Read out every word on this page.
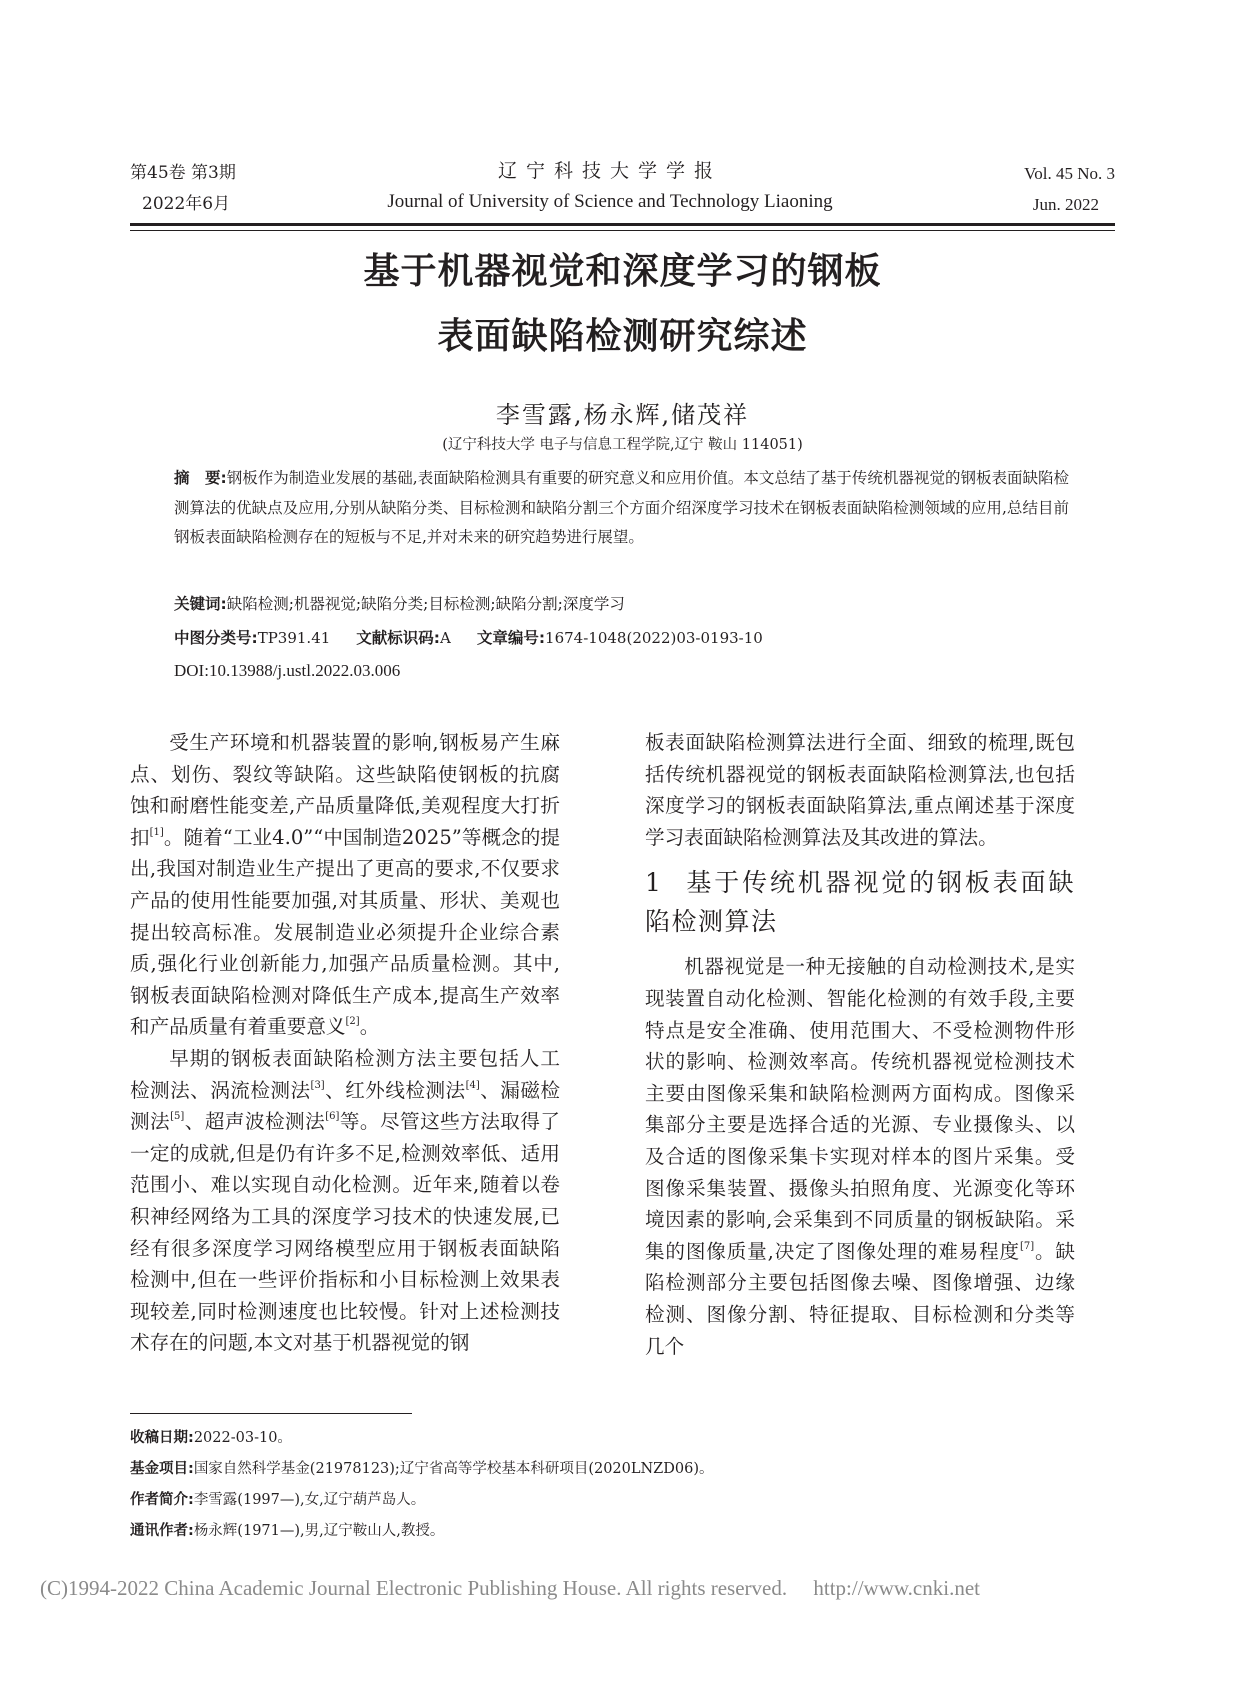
第45卷 第3期
2022年6月
辽宁科技大学学报
Journal of University of Science and Technology Liaoning
Vol. 45 No. 3
Jun. 2022
基于机器视觉和深度学习的钢板
表面缺陷检测研究综述
李雪露,杨永辉,储茂祥
(辽宁科技大学 电子与信息工程学院,辽宁 鞍山 114051)
摘　要:钢板作为制造业发展的基础,表面缺陷检测具有重要的研究意义和应用价值。本文总结了基于传统机器视觉的钢板表面缺陷检测算法的优缺点及应用,分别从缺陷分类、目标检测和缺陷分割三个方面介绍深度学习技术在钢板表面缺陷检测领域的应用,总结目前钢板表面缺陷检测存在的短板与不足,并对未来的研究趋势进行展望。
关键词:缺陷检测;机器视觉;缺陷分类;目标检测;缺陷分割;深度学习
中图分类号:TP391.41 文献标识码:A 文章编号:1674-1048(2022)03-0193-10
DOI:10.13988/j.ustl.2022.03.006

受生产环境和机器装置的影响,钢板易产生麻点、划伤、裂纹等缺陷。这些缺陷使钢板的抗腐蚀和耐磨性能变差,产品质量降低,美观程度大打折扣[1]。随着“工业4.0”“中国制造2025”等概念的提出,我国对制造业生产提出了更高的要求,不仅要求产品的使用性能要加强,对其质量、形状、美观也提出较高标准。发展制造业必须提升企业综合素质,强化行业创新能力,加强产品质量检测。其中,钢板表面缺陷检测对降低生产成本,提高生产效率和产品质量有着重要意义[2]。

早期的钢板表面缺陷检测方法主要包括人工检测法、涡流检测法[3]、红外线检测法[4]、漏磁检测法[5]、超声波检测法[6]等。尽管这些方法取得了一定的成就,但是仍有许多不足,检测效率低、适用范围小、难以实现自动化检测。近年来,随着以卷积神经网络为工具的深度学习技术的快速发展,已经有很多深度学习网络模型应用于钢板表面缺陷检测中,但在一些评价指标和小目标检测上效果表现较差,同时检测速度也比较慢。针对上述检测技术存在的问题,本文对基于机器视觉的钢

板表面缺陷检测算法进行全面、细致的梳理,既包括传统机器视觉的钢板表面缺陷检测算法,也包括深度学习的钢板表面缺陷算法,重点阐述基于深度学习表面缺陷检测算法及其改进的算法。

1 基于传统机器视觉的钢板表面缺陷检测算法

机器视觉是一种无接触的自动检测技术,是实现装置自动化检测、智能化检测的有效手段,主要特点是安全准确、使用范围大、不受检测物件形状的影响、检测效率高。传统机器视觉检测技术主要由图像采集和缺陷检测两方面构成。图像采集部分主要是选择合适的光源、专业摄像头、以及合适的图像采集卡实现对样本的图片采集。受图像采集装置、摄像头拍照角度、光源变化等环境因素的影响,会采集到不同质量的钢板缺陷。采集的图像质量,决定了图像处理的难易程度[7]。缺陷检测部分主要包括图像去噪、图像增强、边缘检测、图像分割、特征提取、目标检测和分类等几个

收稿日期:2022-03-10。
基金项目:国家自然科学基金(21978123);辽宁省高等学校基本科研项目(2020LNZD06)。
作者简介:李雪露(1997—),女,辽宁葫芦岛人。
通讯作者:杨永辉(1971—),男,辽宁鞍山人,教授。
(C)1994-2022 China Academic Journal Electronic Publishing House. All rights reserved.　 http://www.cnki.net
